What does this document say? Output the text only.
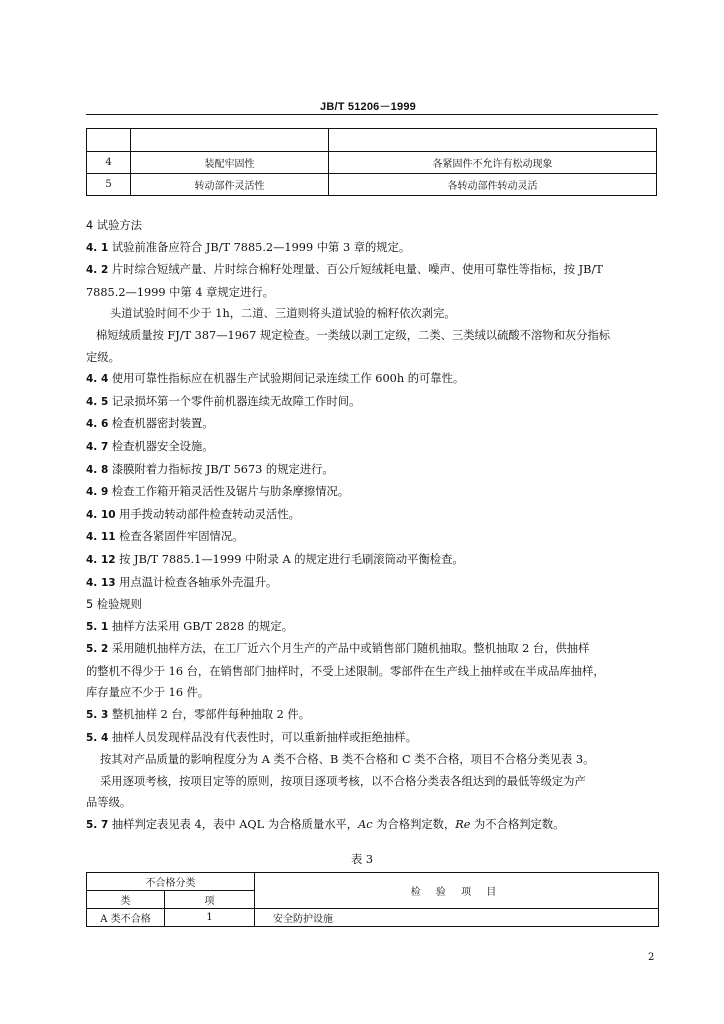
JB/T 51206－1999

4	装配牢固性	各紧固件不允许有松动现象
5	转动部件灵活性	各转动部件转动灵活

4 试验方法

4. 1 试验前准备应符合 JB/T 7885.2—1999 中第 3 章的规定。

4. 2 片时综合短绒产量、片时综合棉籽处理量、百公斤短绒耗电量、噪声、使用可靠性等指标，按 JB/T

7885.2—1999 中第 4 章规定进行。

头道试验时间不少于 1h，二道、三道则将头道试验的棉籽依次剥完。

棉短绒质量按 FJ/T 387—1967 规定检查。一类绒以剥工定级，二类、三类绒以硫酸不溶物和灰分指标

定级。

4. 4 使用可靠性指标应在机器生产试验期间记录连续工作 600h 的可靠性。

4. 5 记录损坏第一个零件前机器连续无故障工作时间。

4. 6 检查机器密封装置。

4. 7 检查机器安全设施。

4. 8 漆膜附着力指标按 JB/T 5673 的规定进行。

4. 9 检查工作箱开箱灵活性及锯片与肋条摩擦情况。

4. 10 用手拨动转动部件检查转动灵活性。

4. 11 检查各紧固件牢固情况。

4. 12 按 JB/T 7885.1—1999 中附录 A 的规定进行毛刷滚筒动平衡检查。

4. 13 用点温计检查各轴承外壳温升。

5 检验规则

5. 1 抽样方法采用 GB/T 2828 的规定。

5. 2 采用随机抽样方法，在工厂近六个月生产的产品中或销售部门随机抽取。整机抽取 2 台，供抽样

的整机不得少于 16 台，在销售部门抽样时，不受上述限制。零部件在生产线上抽样或在半成品库抽样，

库存量应不少于 16 件。

5. 3 整机抽样 2 台，零部件每种抽取 2 件。

5. 4 抽样人员发现样品没有代表性时，可以重新抽样或拒绝抽样。

按其对产品质量的影响程度分为 A 类不合格、B 类不合格和 C 类不合格，项目不合格分类见表 3。

采用逐项考核，按项目定等的原则，按项目逐项考核，以不合格分类表各组达到的最低等级定为产

品等级。

5. 7 抽样判定表见表 4，表中 AQL 为合格质量水平，Ac 为合格判定数，Re 为不合格判定数。

表 3
不合格分类		检 验 项 目
类	项	
A 类不合格	1	安全防护设施
2
